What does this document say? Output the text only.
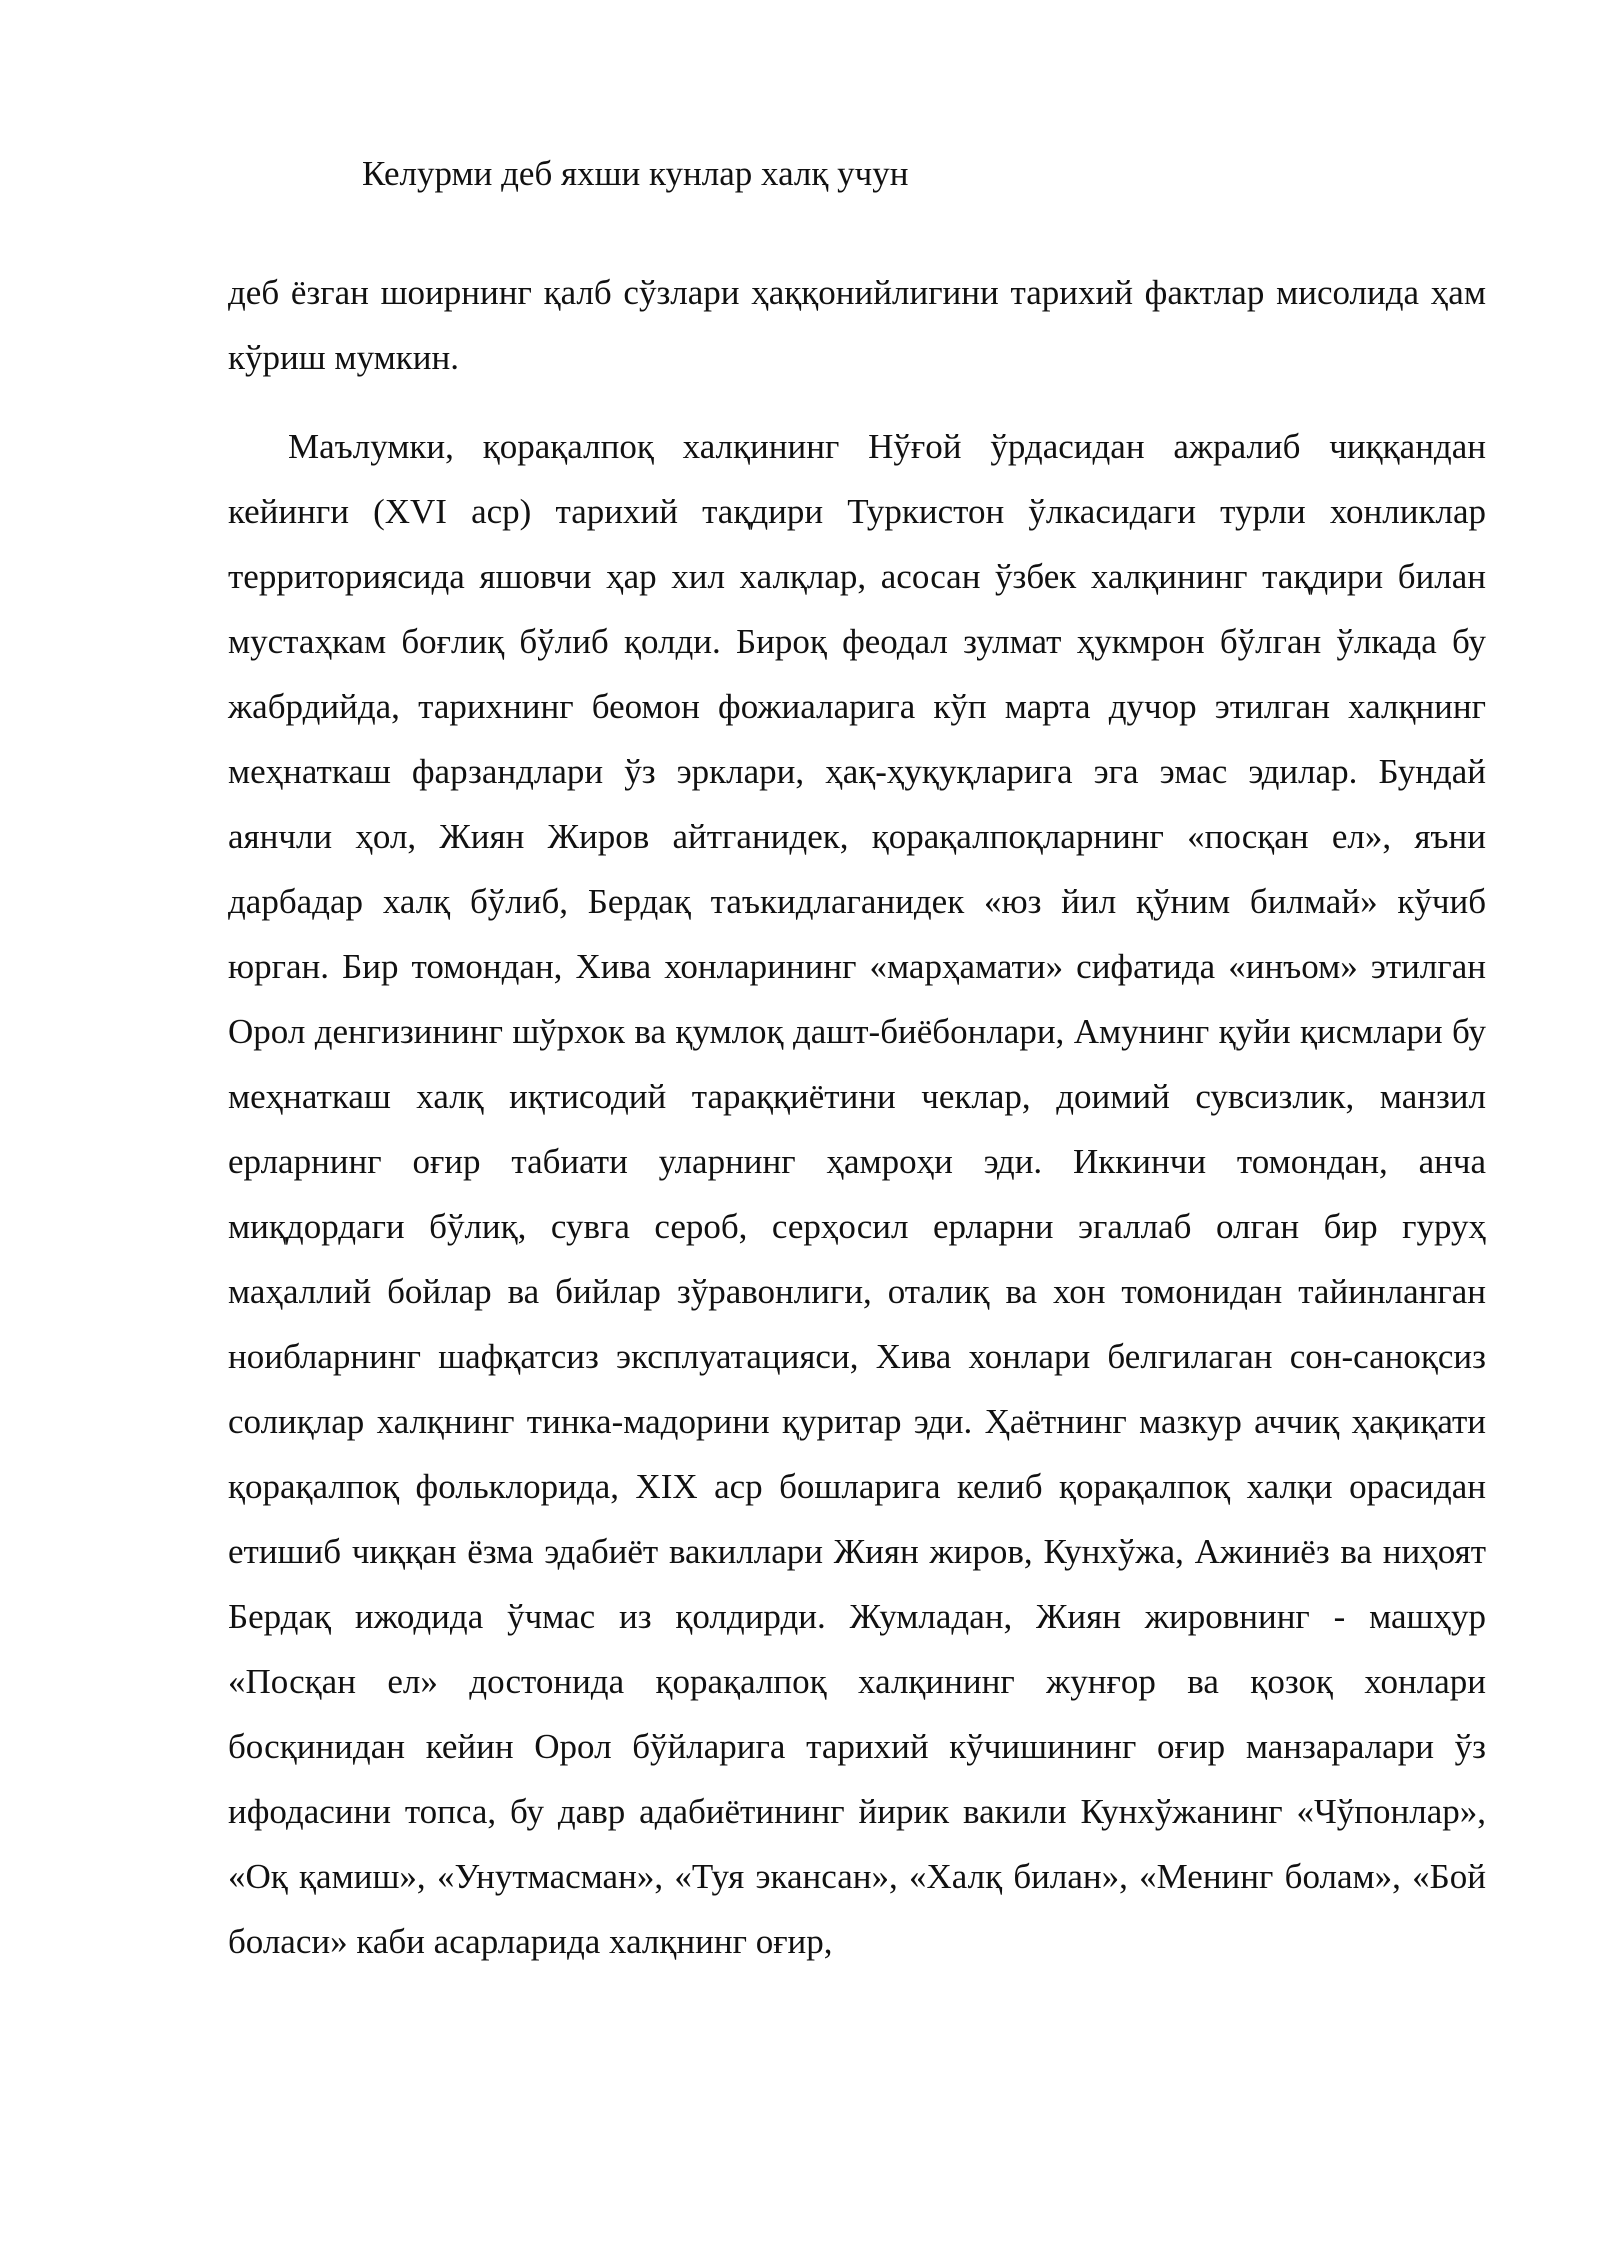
Келурми деб яхши кунлар халқ учун

деб ёзган шоирнинг қалб сўзлари ҳаққонийлигини тарихий фактлар мисолида ҳам кўриш мумкин.

Маълумки, қорақалпоқ халқининг Нўғой ўрдасидан ажралиб чиққандан кейинги (XVI аср) тарихий тақдири Туркистон ўлкасидаги турли хонликлар территориясида яшовчи ҳар хил халқлар, асосан ўзбек халқининг тақдири билан мустаҳкам боғлиқ бўлиб қолди. Бироқ феодал зулмат ҳукмрон бўлган ўлкада бу жабрдийда, тарихнинг беомон фожиаларига кўп марта дучор этилган халқнинг меҳнаткаш фарзандлари ўз эрклари, ҳақ-ҳуқуқларига эга эмас эдилар. Бундай аянчли ҳол, Жиян Жиров айтганидек, қорақалпоқларнинг «посқан ел», яъни дарбадар халқ бўлиб, Бердақ таъкидлаганидек «юз йил қўним билмай» кўчиб юрган. Бир томондан, Хива хонларининг «марҳамати» сифатида «инъом» этилган Орол денгизининг шўрхок ва қумлоқ дашт-биёбонлари, Амунинг қуйи қисмлари бу меҳнаткаш халқ иқтисодий тараққиётини чеклар, доимий сувсизлик, манзил ерларнинг оғир табиати уларнинг ҳамроҳи эди. Иккинчи томондан, анча миқдордаги бўлиқ, сувга сероб, серҳосил ерларни эгаллаб олган бир гуруҳ маҳаллий бойлар ва бийлар зўравонлиги, оталиқ ва хон томонидан тайинланган ноибларнинг шафқатсиз эксплуатацияси, Хива хонлари белгилаган сон-саноқсиз солиқлар халқнинг тинка-мадорини қуритар эди. Ҳаётнинг мазкур аччиқ ҳақиқати қорақалпоқ фольклорида, XIX аср бошларига келиб қорақалпоқ халқи орасидан етишиб чиққан ёзма эдабиёт вакиллари Жиян жиров, Кунхўжа, Ажиниёз ва ниҳоят Бердақ ижодида ўчмас из қолдирди. Жумладан, Жиян жировнинг - машҳур «Посқан ел» достонида қорақалпоқ халқининг жунғор ва қозоқ хонлари босқинидан кейин Орол бўйларига тарихий кўчишининг оғир манзаралари ўз ифодасини топса, бу давр адабиётининг йирик вакили Кунхўжанинг «Чўпонлар», «Оқ қамиш», «Унутмасман», «Туя экансан», «Халқ билан», «Менинг болам», «Бой боласи» каби асарларида халқнинг оғир,
